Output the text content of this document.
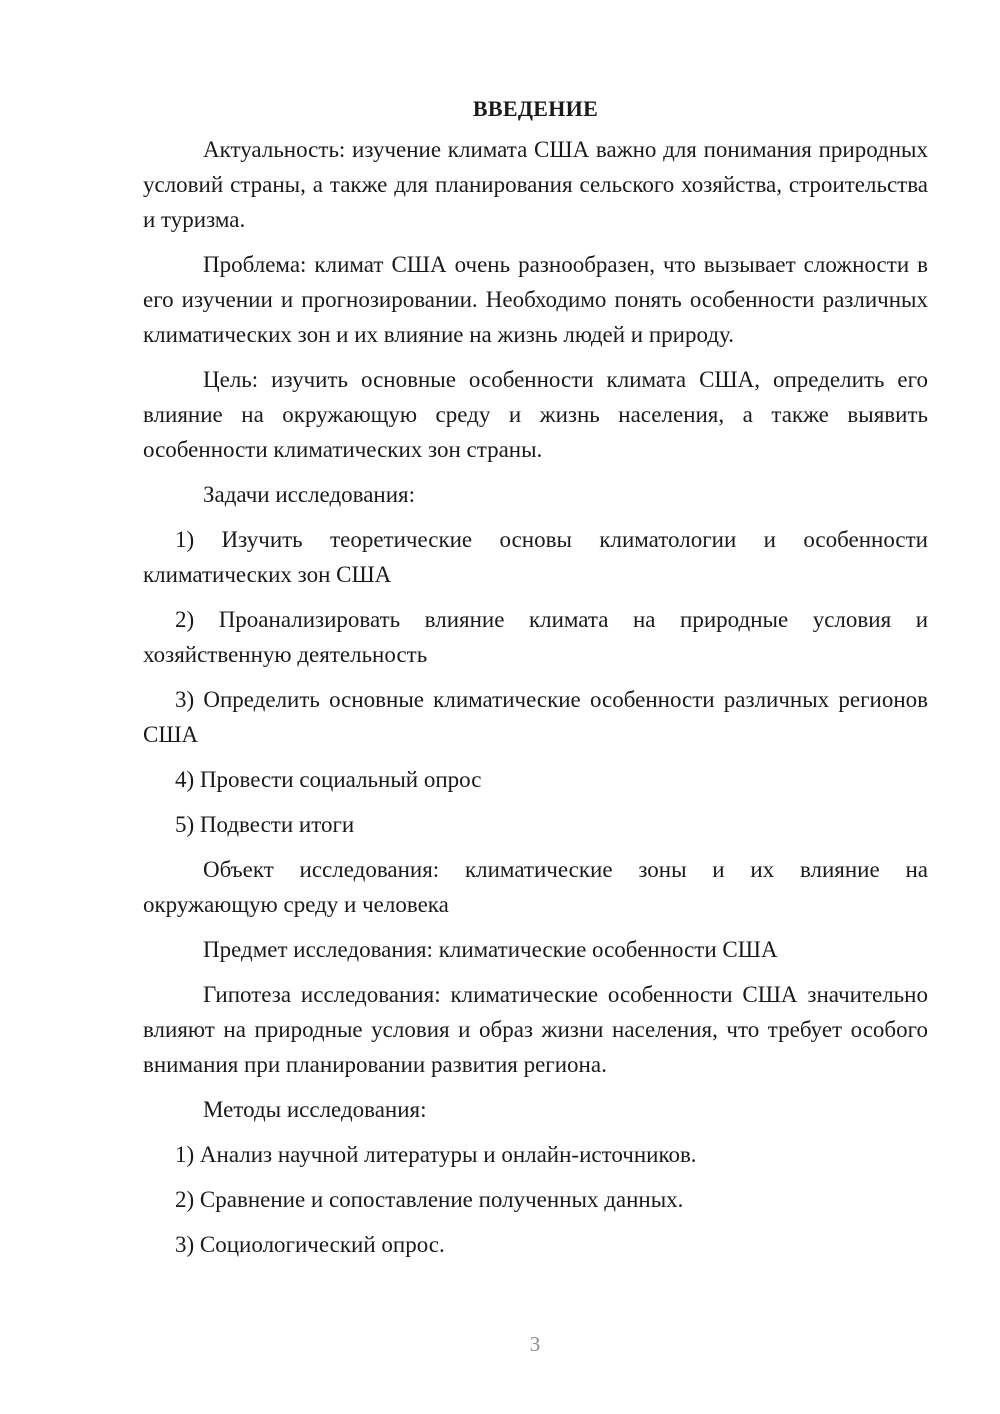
ВВЕДЕНИЕ

Актуальность: изучение климата США важно для понимания природных условий страны, а также для планирования сельского хозяйства, строительства и туризма.

Проблема: климат США очень разнообразен, что вызывает сложности в его изучении и прогнозировании. Необходимо понять особенности различных климатических зон и их влияние на жизнь людей и природу.

Цель: изучить основные особенности климата США, определить его влияние на окружающую среду и жизнь населения, а также выявить особенности климатических зон страны.

Задачи исследования:

1) Изучить теоретические основы климатологии и особенности климатических зон США

2) Проанализировать влияние климата на природные условия и хозяйственную деятельность

3) Определить основные климатические особенности различных регионов США

4) Провести социальный опрос

5) Подвести итоги

Объект исследования: климатические зоны и их влияние на окружающую среду и человека

Предмет исследования: климатические особенности США

Гипотеза исследования: климатические особенности США значительно влияют на природные условия и образ жизни населения, что требует особого внимания при планировании развития региона.

Методы исследования:

1) Анализ научной литературы и онлайн-источников.

2) Сравнение и сопоставление полученных данных.

3) Социологический опрос.

3
